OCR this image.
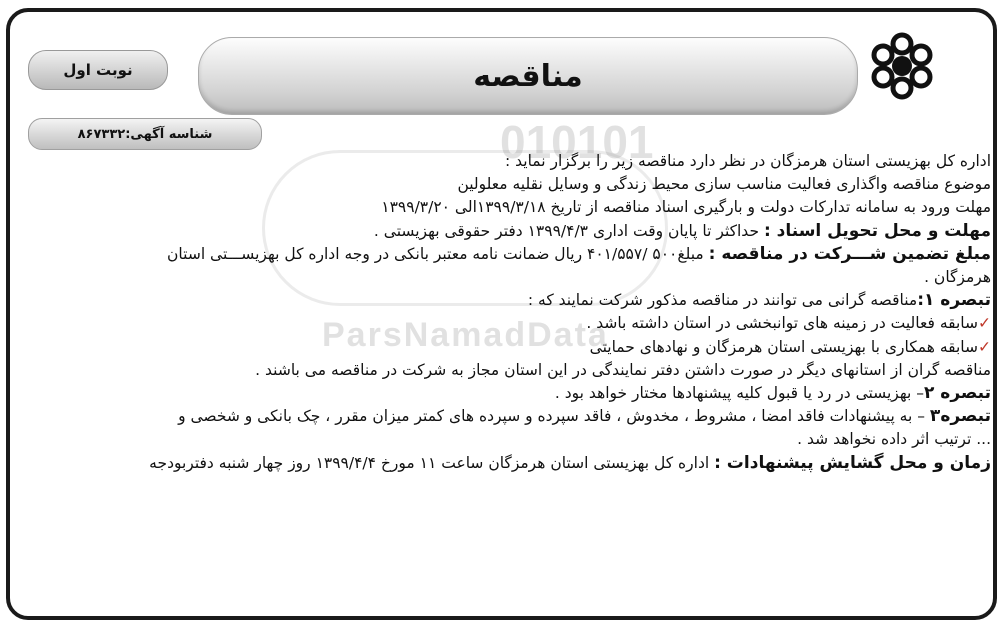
010101
ParsNamadData
مناقصه
نوبت اول
شناسه آگهی:۸۶۷۳۳۲

اداره کل بهزیستی استان هرمزگان در نظر دارد مناقصه زیر را برگزار نماید :

موضوع مناقصه واگذاری فعالیت مناسب سازی محیط زندگی و وسایل نقلیه معلولین

مهلت ورود به سامانه تدارکات دولت و بارگیری اسناد مناقصه از تاریخ ۱۳۹۹/۳/۱۸الی ۱۳۹۹/۳/۲۰

مهلت و محل تحویل اسناد : حداکثر تا پایان وقت اداری ۱۳۹۹/۴/۳ دفتر حقوقی بهزیستی .

مبلغ تضمین شـــرکت در مناقصه : مبلغ۵۰۰ /۴۰۱/۵۵۷ ریال ضمانت نامه معتبر بانکی در وجه اداره کل بهزیســـتی استان

هرمزگان .

تبصره ۱:مناقصه گرانی می توانند در مناقصه مذکور شرکت نمایند که :

✓سابقه فعالیت در زمینه های توانبخشی در استان داشته باشد .

✓سابقه همکاری با بهزیستی استان هرمزگان و نهادهای حمایتی

مناقصه گران از استانهای دیگر در صورت داشتن دفتر نمایندگی در این استان مجاز به شرکت در مناقصه می باشند .

تبصره ۲– بهزیستی در رد یا قبول کلیه پیشنهادها مختار خواهد بود .

تبصره۳ – به پیشنهادات فاقد امضا ، مشروط ، مخدوش ، فاقد سپرده و سپرده های کمتر میزان مقرر ، چک بانکی و شخصی و

... ترتیب اثر داده نخواهد شد .

زمان و محل گشایش پیشنهادات : اداره کل بهزیستی استان هرمزگان ساعت ۱۱ مورخ ۱۳۹۹/۴/۴ روز چهار شنبه دفتربودجه
